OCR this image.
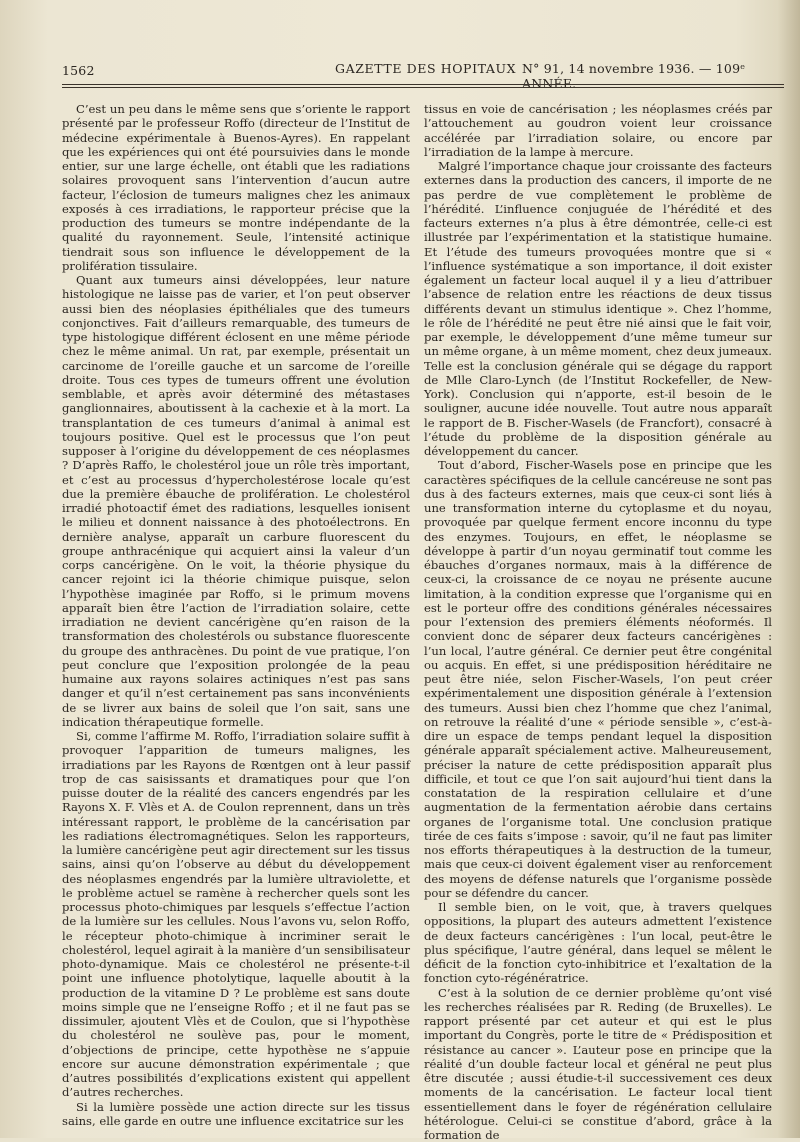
1562	GAZETTE DES HOPITAUX N° 91, 14 novembre 1936. — 109ᵉ ANNÉE.

C’est un peu dans le même sens que s’oriente le rapport présenté par le professeur Roffo (directeur de l’Institut de médecine expérimentale à Buenos-Ayres). En rappelant que les expériences qui ont été poursuivies dans le monde entier, sur une large échelle, ont établi que les radiations solaires provoquent sans l’intervention d’aucun autre facteur, l’éclosion de tumeurs malignes chez les animaux exposés à ces irradiations, le rapporteur précise que la production des tumeurs se montre indépendante de la qualité du rayonnement. Seule, l’intensité actinique tiendrait sous son influence le développement de la prolifération tissulaire.

Quant aux tumeurs ainsi développées, leur nature histologique ne laisse pas de varier, et l’on peut observer aussi bien des néoplasies épithéliales que des tumeurs conjonctives. Fait d’ailleurs remarquable, des tumeurs de type histologique différent éclosent en une même période chez le même animal. Un rat, par exemple, présentait un carcinome de l’oreille gauche et un sarcome de l’oreille droite. Tous ces types de tumeurs offrent une évolution semblable, et après avoir déterminé des métastases ganglionnaires, aboutissent à la cachexie et à la mort. La transplantation de ces tumeurs d’animal à animal est toujours positive. Quel est le processus que l’on peut supposer à l’origine du développement de ces néoplasmes ? D’après Raffo, le cholestérol joue un rôle très important, et c’est au processus d’hypercholestérose locale qu’est due la première ébauche de prolifération. Le cholestérol irradié photoactif émet des radiations, lesquelles ionisent le milieu et donnent naissance à des photoélectrons. En dernière analyse, apparaît un carbure fluorescent du groupe anthracénique qui acquiert ainsi la valeur d’un corps cancérigène. On le voit, la théorie physique du cancer rejoint ici la théorie chimique puisque, selon l’hypothèse imaginée par Roffo, si le primum movens apparaît bien être l’action de l’irradiation solaire, cette irradiation ne devient cancérigène qu’en raison de la transformation des cholestérols ou substance fluorescente du groupe des anthracènes. Du point de vue pratique, l’on peut conclure que l’exposition prolongée de la peau humaine aux rayons solaires actiniques n’est pas sans danger et qu’il n’est certainement pas sans inconvénients de se livrer aux bains de soleil que l’on sait, sans une indication thérapeutique formelle.

Si, comme l’affirme M. Roffo, l’irradiation solaire suffit à provoquer l’apparition de tumeurs malignes, les irradiations par les Rayons de Rœntgen ont à leur passif trop de cas saisissants et dramatiques pour que l’on puisse douter de la réalité des cancers engendrés par les Rayons X. F. Vlès et A. de Coulon reprennent, dans un très intéressant rapport, le problème de la cancérisation par les radiations électromagnétiques. Selon les rapporteurs, la lumière cancérigène peut agir directement sur les tissus sains, ainsi qu’on l’observe au début du développement des néoplasmes engendrés par la lumière ultraviolette, et le problème actuel se ramène à rechercher quels sont les processus photo-chimiques par lesquels s’effectue l’action de la lumière sur les cellules. Nous l’avons vu, selon Roffo, le récepteur photo-chimique à incriminer serait le cholestérol, lequel agirait à la manière d’un sensibilisateur photo-dynamique. Mais ce cholestérol ne présente-t-il point une influence photolytique, laquelle aboutit à la production de la vitamine D ? Le problème est sans doute moins simple que ne l’enseigne Roffo ; et il ne faut pas se dissimuler, ajoutent Vlès et de Coulon, que si l’hypothèse du cholestérol ne soulève pas, pour le moment, d’objections de principe, cette hypothèse ne s’appuie encore sur aucune démonstration expérimentale ; que d’autres possibilités d’explications existent qui appellent d’autres recherches.

Si la lumière possède une action directe sur les tissus sains, elle garde en outre une influence excitatrice sur les

tissus en voie de cancérisation ; les néoplasmes créés par l’attouchement au goudron voient leur croissance accélérée par l’irradiation solaire, ou encore par l’irradiation de la lampe à mercure.

Malgré l’importance chaque jour croissante des facteurs externes dans la production des cancers, il importe de ne pas perdre de vue complètement le problème de l’hérédité. L’influence conjuguée de l’hérédité et des facteurs externes n’a plus à être démontrée, celle-ci est illustrée par l’expérimentation et la statistique humaine. Et l’étude des tumeurs provoquées montre que si « l’influence systématique a son importance, il doit exister également un facteur local auquel il y a lieu d’attribuer l’absence de relation entre les réactions de deux tissus différents devant un stimulus identique ». Chez l’homme, le rôle de l’hérédité ne peut être nié ainsi que le fait voir, par exemple, le développement d’une même tumeur sur un même organe, à un même moment, chez deux jumeaux. Telle est la conclusion générale qui se dégage du rapport de Mlle Claro-Lynch (de l’Institut Rockefeller, de New-York). Conclusion qui n’apporte, est-il besoin de le souligner, aucune idée nouvelle. Tout autre nous apparaît le rapport de B. Fischer-Wasels (de Francfort), consacré à l’étude du problème de la disposition générale au développement du cancer.

Tout d’abord, Fischer-Wasels pose en principe que les caractères spécifiques de la cellule cancéreuse ne sont pas dus à des facteurs externes, mais que ceux-ci sont liés à une transformation interne du cytoplasme et du noyau, provoquée par quelque ferment encore inconnu du type des enzymes. Toujours, en effet, le néoplasme se développe à partir d’un noyau germinatif tout comme les ébauches d’organes normaux, mais à la différence de ceux-ci, la croissance de ce noyau ne présente aucune limitation, à la condition expresse que l’organisme qui en est le porteur offre des conditions générales nécessaires pour l’extension des premiers éléments néoformés. Il convient donc de séparer deux facteurs cancérigènes : l’un local, l’autre général. Ce dernier peut être congénital ou acquis. En effet, si une prédisposition héréditaire ne peut être niée, selon Fischer-Wasels, l’on peut créer expérimentalement une disposition générale à l’extension des tumeurs. Aussi bien chez l’homme que chez l’animal, on retrouve la réalité d’une « période sensible », c’est-à-dire un espace de temps pendant lequel la disposition générale apparaît spécialement active. Malheureusement, préciser la nature de cette prédisposition apparaît plus difficile, et tout ce que l’on sait aujourd’hui tient dans la constatation de la respiration cellulaire et d’une augmentation de la fermentation aérobie dans certains organes de l’organisme total. Une conclusion pratique tirée de ces faits s’impose : savoir, qu’il ne faut pas limiter nos efforts thérapeutiques à la destruction de la tumeur, mais que ceux-ci doivent également viser au renforcement des moyens de défense naturels que l’organisme possède pour se défendre du cancer.

Il semble bien, on le voit, que, à travers quelques oppositions, la plupart des auteurs admettent l’existence de deux facteurs cancérigènes : l’un local, peut-être le plus spécifique, l’autre général, dans lequel se mêlent le déficit de la fonction cyto-inhibitrice et l’exaltation de la fonction cyto-régénératrice.

C’est à la solution de ce dernier problème qu’ont visé les recherches réalisées par R. Reding (de Bruxelles). Le rapport présenté par cet auteur et qui est le plus important du Congrès, porte le titre de « Prédisposition et résistance au cancer ». L’auteur pose en principe que la réalité d’un double facteur local et général ne peut plus être discutée ; aussi étudie-t-il successivement ces deux moments de la cancérisation. Le facteur local tient essentiellement dans le foyer de régénération cellulaire hétérologue. Celui-ci se constitue d’abord, grâce à la formation de
